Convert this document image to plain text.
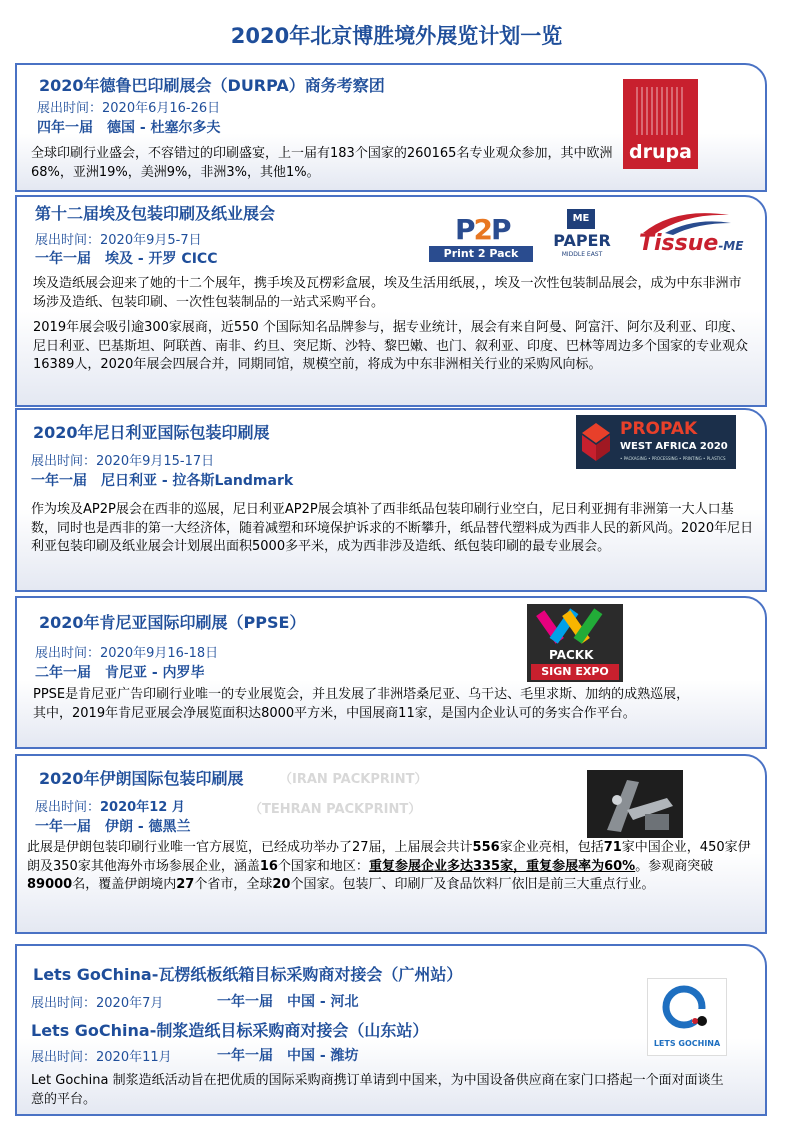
2020年北京博胜境外展览计划一览
2020年德鲁巴印刷展会（DURPA）商务考察团
展出时间：2020年6月16-26日
四年一届　德国 - 杜塞尔多夫
全球印刷行业盛会，不容错过的印刷盛宴，上一届有183个国家的260165名专业观众参加，其中欧洲68%，亚洲19%，美洲9%，非洲3%，其他1%。
drupa
第十二届埃及包装印刷及纸业展会
展出时间：2020年9月5-7日
一年一届　埃及 - 开罗 CICC
埃及造纸展会迎来了她的十二个展年，携手埃及瓦楞彩盒展，埃及生活用纸展，，埃及一次性包装制品展会，成为中东非洲市场涉及造纸、包装印刷、一次性包装制品的一站式采购平台。
2019年展会吸引逾300家展商，近550 个国际知名品牌参与，据专业统计，展会有来自阿曼、阿富汗、阿尔及利亚、印度、尼日利亚、巴基斯坦、阿联酋、南非、约旦、突尼斯、沙特、黎巴嫩、也门、叙利亚、印度、巴林等周边多个国家的专业观众16389人，2020年展会四展合并，同期同馆，规模空前，将成为中东非洲相关行业的采购风向标。
P2P
Print 2 Pack
ME
PAPER
MIDDLE EAST	Tissue-ME
2020年尼日利亚国际包装印刷展
展出时间：2020年9月15-17日
一年一届　尼日利亚 - 拉各斯Landmark
作为埃及AP2P展会在西非的巡展，尼日利亚AP2P展会填补了西非纸品包装印刷行业空白，尼日利亚拥有非洲第一大人口基数，同时也是西非的第一大经济体，随着减塑和环境保护诉求的不断攀升，纸品替代塑料成为西非人民的新风尚。2020年尼日利亚包装印刷及纸业展会计划展出面积5000多平米，成为西非涉及造纸、纸包装印刷的最专业展会。
PROPAK
WEST AFRICA 2020
• PACKAGING • PROCESSING • PRINTING • PLASTICS
2020年肯尼亚国际印刷展（PPSE）
展出时间：2020年9月16-18日
二年一届　肯尼亚 - 内罗毕
PPSE是肯尼亚广告印刷行业唯一的专业展览会，并且发展了非洲塔桑尼亚、乌干达、毛里求斯、加纳的成熟巡展，其中，2019年肯尼亚展会净展览面积达8000平方米，中国展商11家，是国内企业认可的务实合作平台。
PACKK
SIGN EXPO
2020年伊朗国际包装印刷展	（IRAN PACKPRINT）
展出时间：2020年12 月	（TEHRAN PACKPRINT）
一年一届　伊朗 - 德黑兰
此展是伊朗包装印刷行业唯一官方展览，已经成功举办了27届，上届展会共计556家企业亮相，包括71家中国企业，450家伊朗及350家其他海外市场参展企业，涵盖16个国家和地区：重复参展企业多达335家，重复参展率为60%。参观商突破89000名，覆盖伊朗境内27个省市，全球20个国家。包装厂、印刷厂及食品饮料厂依旧是前三大重点行业。
Lets GoChina-瓦楞纸板纸箱目标采购商对接会（广州站）
展出时间：2020年7月	一年一届　中国 - 河北
Lets GoChina-制浆造纸目标采购商对接会（山东站）
展出时间：2020年11月	一年一届　中国 - 潍坊
Let Gochina 制浆造纸活动旨在把优质的国际采购商携订单请到中国来，为中国设备供应商在家门口搭起一个面对面谈生意的平台。
LETS GOCHINA
